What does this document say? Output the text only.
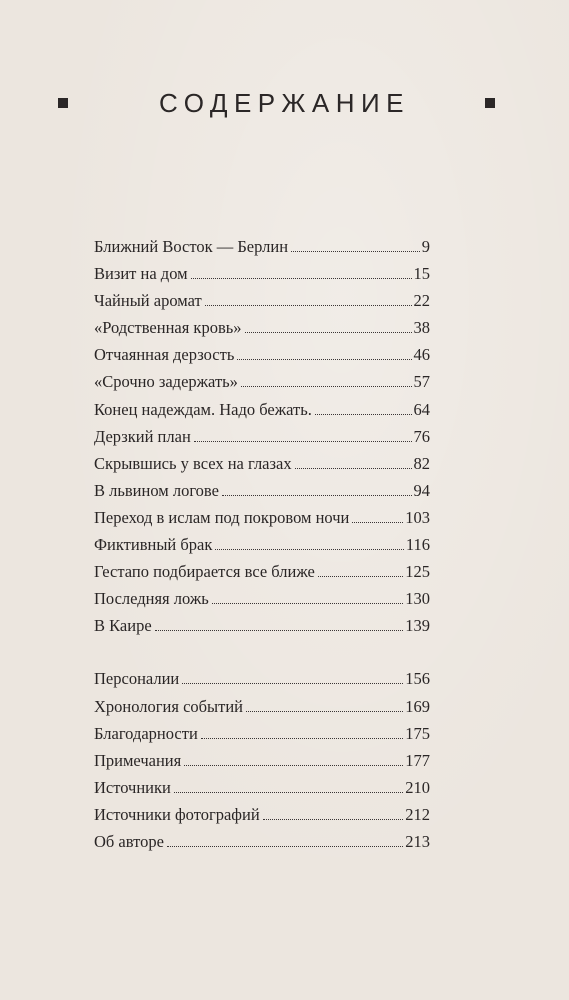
СОДЕРЖАНИЕ
Ближний Восток — Берлин	9
Визит на дом	15
Чайный аромат	22
«Родственная кровь»	38
Отчаянная дерзость	46
«Срочно задержать»	57
Конец надеждам. Надо бежать.	64
Дерзкий план	76
Скрывшись у всех на глазах	82
В львином логове	94
Переход в ислам под покровом ночи	103
Фиктивный брак	116
Гестапо подбирается все ближе	125
Последняя ложь	130
В Каире	139
Персоналии	156
Хронология событий	169
Благодарности	175
Примечания	177
Источники	210
Источники фотографий	212
Об авторе	213
